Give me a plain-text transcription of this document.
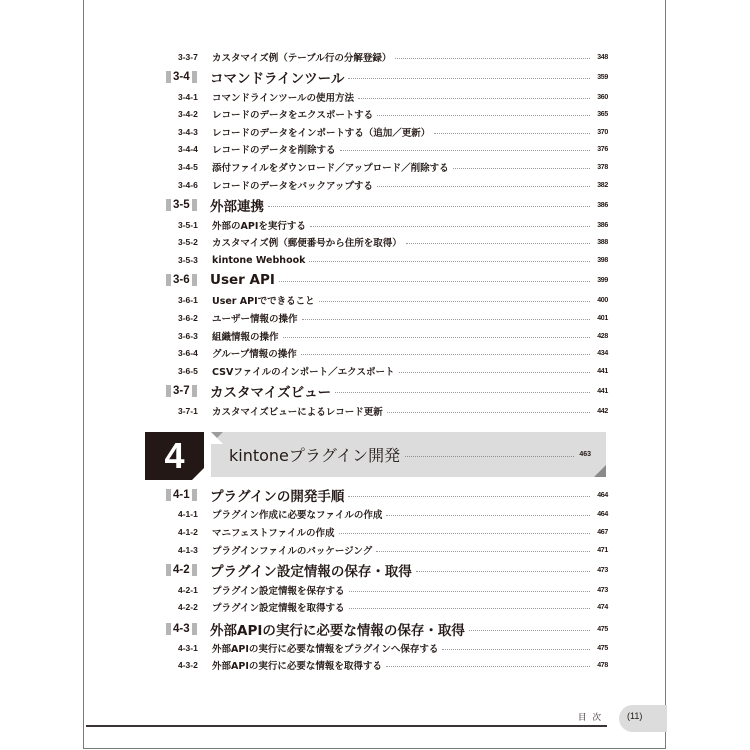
4	kintoneプラグイン開発	463
目次 (11)
3-3-7	カスタマイズ例（テーブル行の分解登録）	348
3-4 コマンドラインツール	359
3-4-1	コマンドラインツールの使用方法	360
3-4-2	レコードのデータをエクスポートする	365
3-4-3	レコードのデータをインポートする（追加／更新）	370
3-4-4	レコードのデータを削除する	376
3-4-5	添付ファイルをダウンロード／アップロード／削除する	378
3-4-6	レコードのデータをバックアップする	382
3-5 外部連携	386
3-5-1	外部のAPIを実行する	386
3-5-2	カスタマイズ例（郵便番号から住所を取得）	388
3-5-3	kintone Webhook	398
3-6 User API	399
3-6-1	User APIでできること	400
3-6-2	ユーザー情報の操作	401
3-6-3	組織情報の操作	428
3-6-4	グループ情報の操作	434
3-6-5	CSVファイルのインポート／エクスポート	441
3-7 カスタマイズビュー	441
3-7-1	カスタマイズビューによるレコード更新	442
4-1 プラグインの開発手順	464
4-1-1	プラグイン作成に必要なファイルの作成	464
4-1-2	マニフェストファイルの作成	467
4-1-3	プラグインファイルのパッケージング	471
4-2 プラグイン設定情報の保存・取得	473
4-2-1	プラグイン設定情報を保存する	473
4-2-2	プラグイン設定情報を取得する	474
4-3 外部APIの実行に必要な情報の保存・取得	475
4-3-1	外部APIの実行に必要な情報をプラグインへ保存する	475
4-3-2	外部APIの実行に必要な情報を取得する	478
